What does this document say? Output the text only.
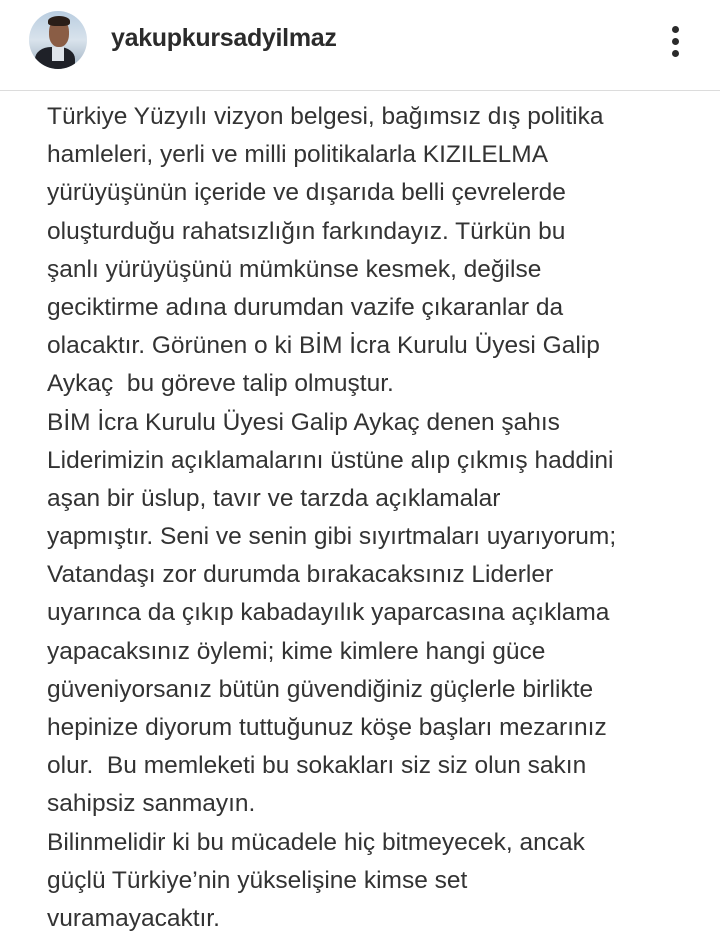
yakupkursadyilmaz
Türkiye Yüzyılı vizyon belgesi, bağımsız dış politika
hamleleri, yerli ve milli politikalarla KIZILELMA
yürüyüşünün içeride ve dışarıda belli çevrelerde
oluşturduğu rahatsızlığın farkındayız. Türkün bu
şanlı yürüyüşünü mümkünse kesmek, değilse
geciktirme adına durumdan vazife çıkaranlar da
olacaktır. Görünen o ki BİM İcra Kurulu Üyesi Galip
Aykaç  bu göreve talip olmuştur.
BİM İcra Kurulu Üyesi Galip Aykaç denen şahıs
Liderimizin açıklamalarını üstüne alıp çıkmış haddini
aşan bir üslup, tavır ve tarzda açıklamalar
yapmıştır. Seni ve senin gibi sıyırtmaları uyarıyorum;
Vatandaşı zor durumda bırakacaksınız Liderler
uyarınca da çıkıp kabadayılık yaparcasına açıklama
yapacaksınız öylemi; kime kimlere hangi güce
güveniyorsanız bütün güvendiğiniz güçlerle birlikte
hepinize diyorum tuttuğunuz köşe başları mezarınız
olur.  Bu memleketi bu sokakları siz siz olun sakın
sahipsiz sanmayın.
Bilinmelidir ki bu mücadele hiç bitmeyecek, ancak
güçlü Türkiye’nin yükselişine kimse set
vuramayacaktır.
